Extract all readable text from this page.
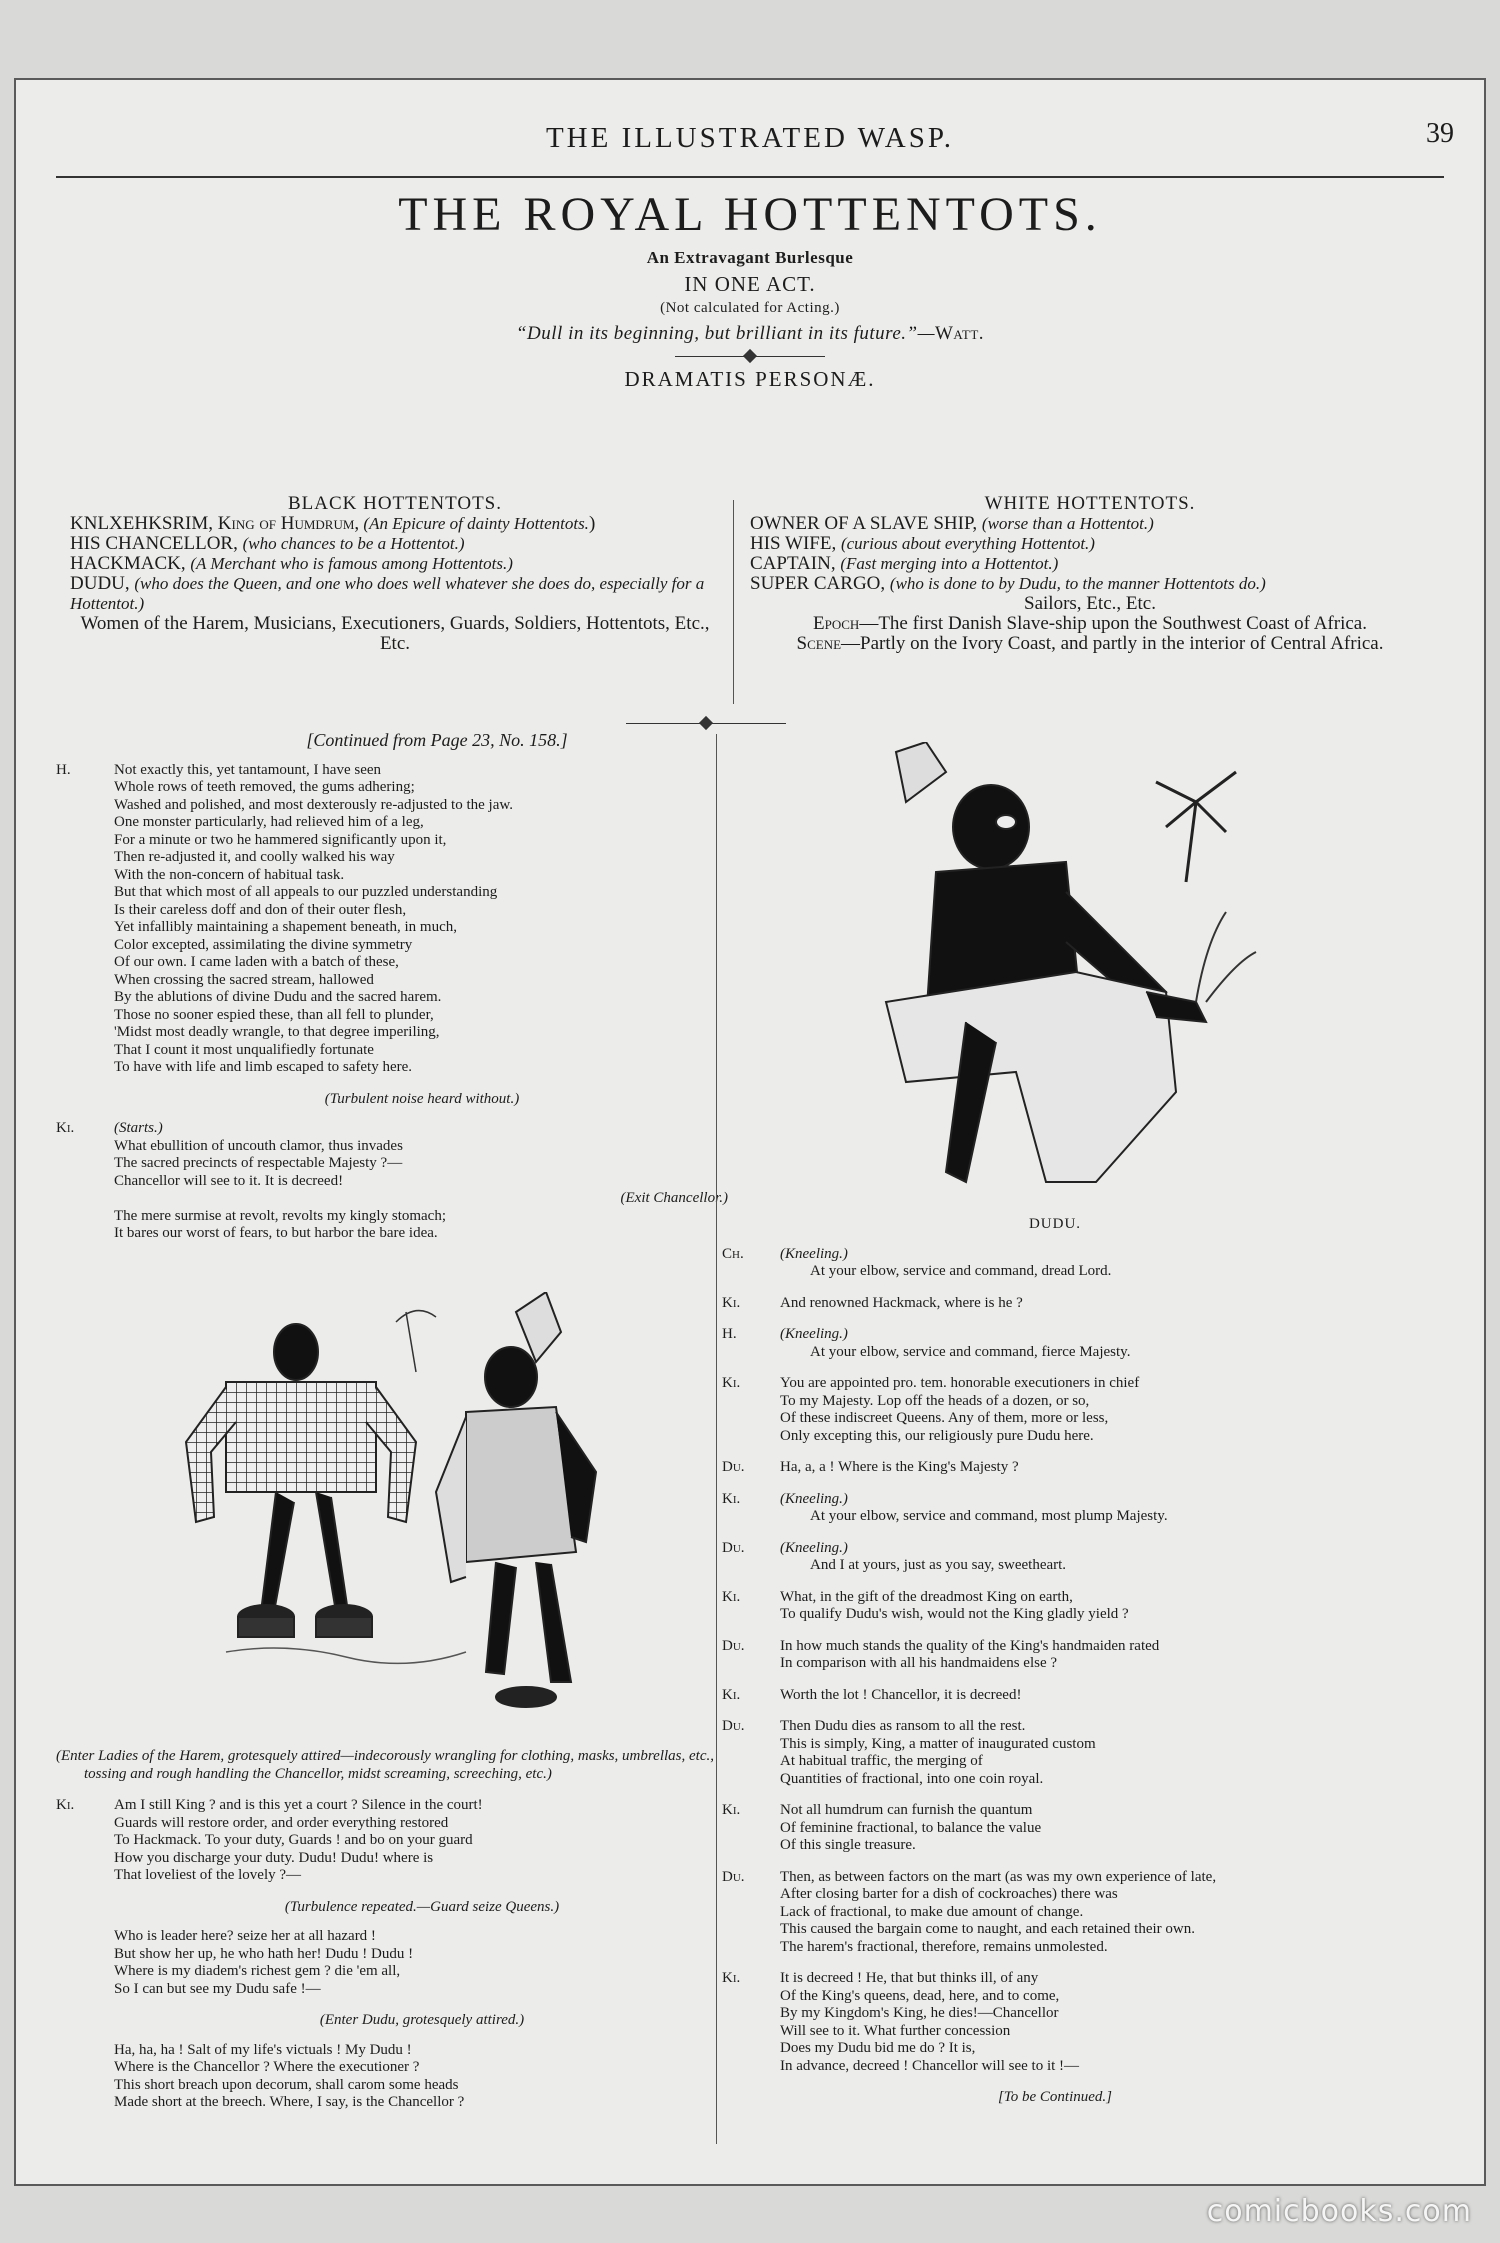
THE ILLUSTRATED WASP.	39
THE ROYAL HOTTENTOTS.
An Extravagant Burlesque
IN ONE ACT.
(Not calculated for Acting.)
“Dull in its beginning, but brilliant in its future.”—Watt.
DRAMATIS PERSONÆ.
BLACK HOTTENTOTS.

KNLXEHKSRIM, King of Humdrum, (An Epicure of dainty Hottentots.)

HIS CHANCELLOR, (who chances to be a Hottentot.)

HACKMACK, (A Merchant who is famous among Hottentots.)

DUDU, (who does the Queen, and one who does well whatever she does do, especially for a Hottentot.)

Women of the Harem, Musicians, Executioners, Guards, Soldiers, Hottentots, Etc., Etc.

WHITE HOTTENTOTS.

OWNER OF A SLAVE SHIP, (worse than a Hottentot.)

HIS WIFE, (curious about everything Hottentot.)

CAPTAIN, (Fast merging into a Hottentot.)

SUPER CARGO, (who is done to by Dudu, to the manner Hottentots do.)

Sailors, Etc., Etc.

Epoch—The first Danish Slave-ship upon the Southwest Coast of Africa.

Scene—Partly on the Ivory Coast, and partly in the interior of Central Africa.

[Continued from Page 23, No. 158.]
H.	Not exactly this, yet tantamount, I have seen
Whole rows of teeth removed, the gums adhering;
Washed and polished, and most dexterously re-adjusted to the jaw.
One monster particularly, had relieved him of a leg,
For a minute or two he hammered significantly upon it,
Then re-adjusted it, and coolly walked his way
With the non-concern of habitual task.
But that which most of all appeals to our puzzled understanding
Is their careless doff and don of their outer flesh,
Yet infallibly maintaining a shapement beneath, in much,
Color excepted, assimilating the divine symmetry
Of our own. I came laden with a batch of these,
When crossing the sacred stream, hallowed
By the ablutions of divine Dudu and the sacred harem.
Those no sooner espied these, than all fell to plunder,
'Midst most deadly wrangle, to that degree imperiling,
That I count it most unqualifiedly fortunate
To have with life and limb escaped to safety here.
(Turbulent noise heard without.)
Ki.	(Starts.)
What ebullition of uncouth clamor, thus invades
The sacred precincts of respectable Majesty ?—
Chancellor will see to it. It is decreed!
(Exit Chancellor.)
The mere surmise at revolt, revolts my kingly stomach;
It bares our worst of fears, to but harbor the bare idea.
(Enter Ladies of the Harem, grotesquely attired—indecorously wrangling for clothing, masks, umbrellas, etc., tossing and rough handling the Chancellor, midst screaming, screeching, etc.)
Ki.	Am I still King ? and is this yet a court ? Silence in the court!
Guards will restore order, and order everything restored
To Hackmack. To your duty, Guards ! and bo on your guard
How you discharge your duty. Dudu! Dudu! where is
That loveliest of the lovely ?—
(Turbulence repeated.—Guard seize Queens.)
Who is leader here? seize her at all hazard !
But show her up, he who hath her! Dudu ! Dudu !
Where is my diadem's richest gem ? die 'em all,
So I can but see my Dudu safe !—
(Enter Dudu, grotesquely attired.)
Ha, ha, ha ! Salt of my life's victuals ! My Dudu !
Where is the Chancellor ? Where the executioner ?
This short breach upon decorum, shall carom some heads
Made short at the breech. Where, I say, is the Chancellor ?
DUDU.
Ch. (Kneeling.)
At your elbow, service and command, dread Lord.
Ki.	And renowned Hackmack, where is he ?
H.	(Kneeling.)
At your elbow, service and command, fierce Majesty.
Ki.	You are appointed pro. tem. honorable executioners in chief
To my Majesty. Lop off the heads of a dozen, or so,
Of these indiscreet Queens. Any of them, more or less,
Only excepting this, our religiously pure Dudu here.
Du. Ha, a, a ! Where is the King's Majesty ?
Ki.	(Kneeling.)
At your elbow, service and command, most plump Majesty.
Du. (Kneeling.)
And I at yours, just as you say, sweetheart.
Ki.	What, in the gift of the dreadmost King on earth,
To qualify Dudu's wish, would not the King gladly yield ?
Du. In how much stands the quality of the King's handmaiden rated
In comparison with all his handmaidens else ?
Ki.	Worth the lot ! Chancellor, it is decreed!
Du. Then Dudu dies as ransom to all the rest.
This is simply, King, a matter of inaugurated custom
At habitual traffic, the merging of
Quantities of fractional, into one coin royal.
Ki.	Not all humdrum can furnish the quantum
Of feminine fractional, to balance the value
Of this single treasure.
Du. Then, as between factors on the mart (as was my own experience of late,
After closing barter for a dish of cockroaches) there was
Lack of fractional, to make due amount of change.
This caused the bargain come to naught, and each retained their own.
The harem's fractional, therefore, remains unmolested.
Ki.	It is decreed ! He, that but thinks ill, of any
Of the King's queens, dead, here, and to come,
By my Kingdom's King, he dies!—Chancellor
Will see to it. What further concession
Does my Dudu bid me do ? It is,
In advance, decreed ! Chancellor will see to it !—
[To be Continued.]
comicbooks.com
